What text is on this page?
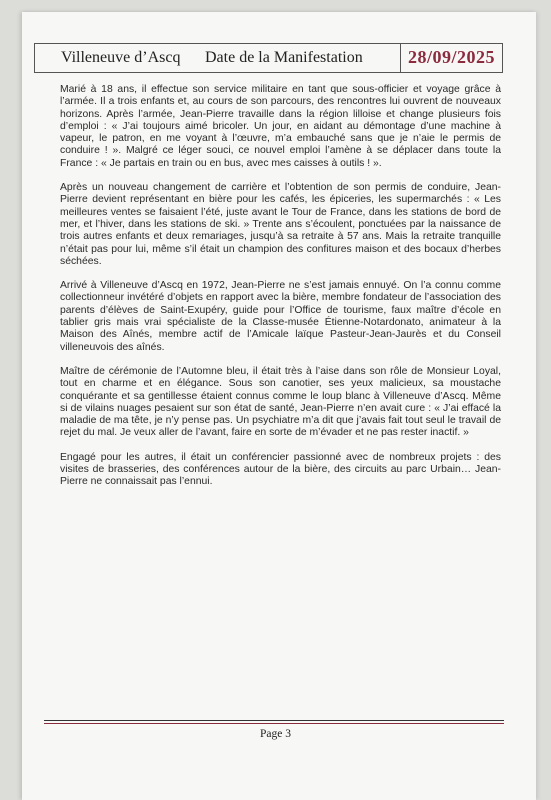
Villeneuve d’Ascq Date de la Manifestation	28/09/2025

Marié à 18 ans, il effectue son service militaire en tant que sous-officier et voyage grâce à l’armée. Il a trois enfants et, au cours de son parcours, des rencontres lui ouvrent de nouveaux horizons. Après l’armée, Jean-Pierre travaille dans la région lilloise et change plusieurs fois d’emploi : « J’ai toujours aimé bricoler. Un jour, en aidant au démontage d’une machine à vapeur, le patron, en me voyant à l’œuvre, m’a embauché sans que je n’aie le permis de conduire ! ». Malgré ce léger souci, ce nouvel emploi l’amène à se déplacer dans toute la France : « Je partais en train ou en bus, avec mes caisses à outils ! ».

Après un nouveau changement de carrière et l’obtention de son permis de conduire, Jean-Pierre devient représentant en bière pour les cafés, les épiceries, les supermarchés : « Les meilleures ventes se faisaient l’été, juste avant le Tour de France, dans les stations de bord de mer, et l’hiver, dans les stations de ski. » Trente ans s’écoulent, ponctuées par la naissance de trois autres enfants et deux remariages, jusqu’à sa retraite à 57 ans. Mais la retraite tranquille n’était pas pour lui, même s’il était un champion des confitures maison et des bocaux d’herbes séchées.

Arrivé à Villeneuve d’Ascq en 1972, Jean-Pierre ne s’est jamais ennuyé. On l’a connu comme collectionneur invétéré d’objets en rapport avec la bière, membre fondateur de l’association des parents d’élèves de Saint-Exupéry, guide pour l’Office de tourisme, faux maître d’école en tablier gris mais vrai spécialiste de la Classe-musée Étienne-Notardonato, animateur à la Maison des Aînés, membre actif de l’Amicale laïque Pasteur-Jean-Jaurès et du Conseil villeneuvois des aînés.

Maître de cérémonie de l’Automne bleu, il était très à l’aise dans son rôle de Monsieur Loyal, tout en charme et en élégance. Sous son canotier, ses yeux malicieux, sa moustache conquérante et sa gentillesse étaient connus comme le loup blanc à Villeneuve d’Ascq. Même si de vilains nuages pesaient sur son état de santé, Jean-Pierre n’en avait cure : « J’ai effacé la maladie de ma tête, je n’y pense pas. Un psychiatre m’a dit que j’avais fait tout seul le travail de rejet du mal. Je veux aller de l’avant, faire en sorte de m’évader et ne pas rester inactif. »

Engagé pour les autres, il était un conférencier passionné avec de nombreux projets : des visites de brasseries, des conférences autour de la bière, des circuits au parc Urbain… Jean-Pierre ne connaissait pas l’ennui.

Page 3
